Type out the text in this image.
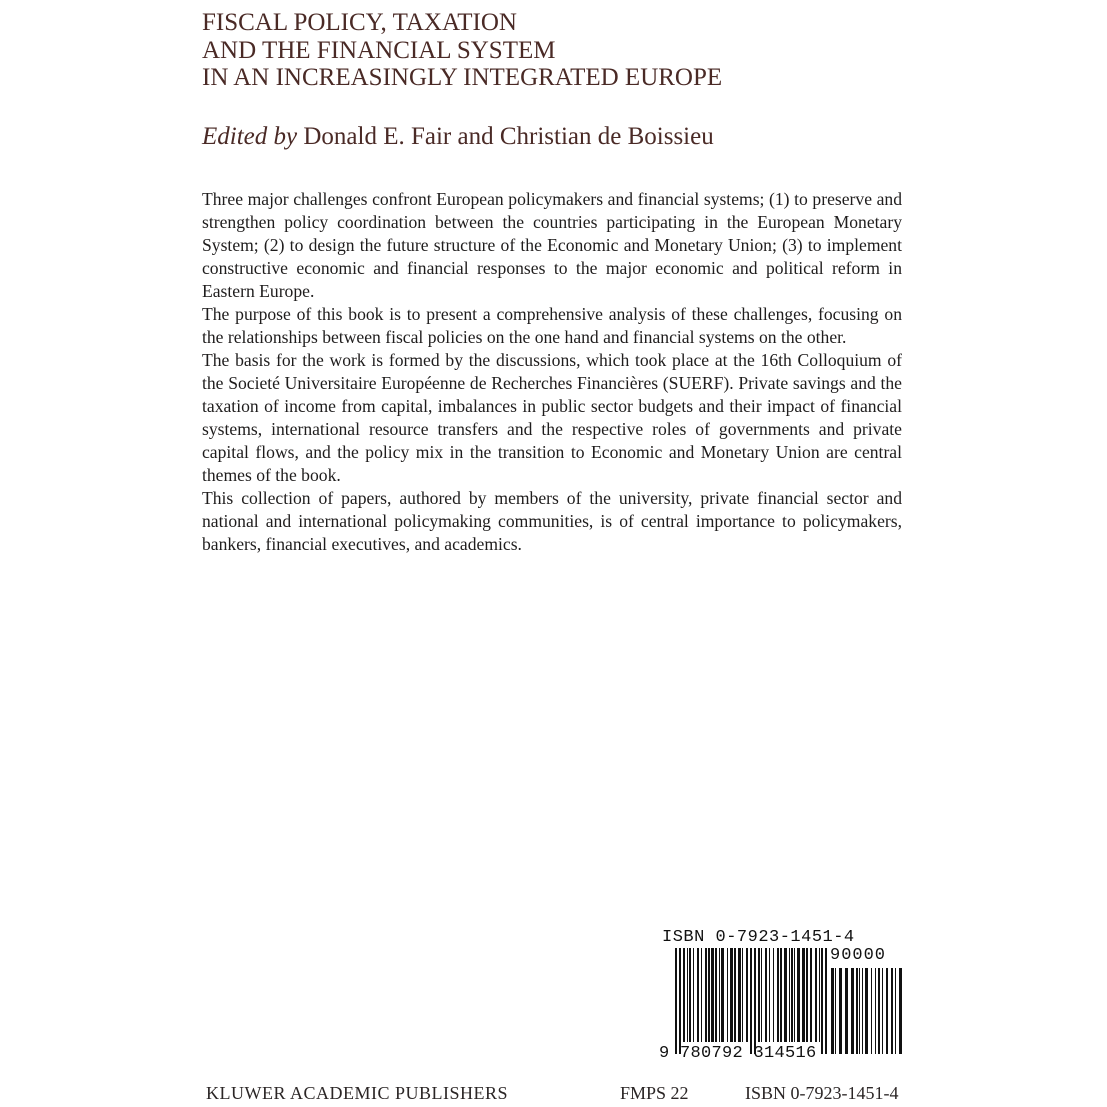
FISCAL POLICY, TAXATION
AND THE FINANCIAL SYSTEM
IN AN INCREASINGLY INTEGRATED EUROPE
Edited by Donald E. Fair and Christian de Boissieu

Three major challenges confront European policymakers and financial systems; (1) to preserve and strengthen policy coordination between the countries participating in the European Monetary System; (2) to design the future structure of the Economic and Monetary Union; (3) to implement constructive economic and financial responses to the major economic and political reform in Eastern Europe.

The purpose of this book is to present a comprehensive analysis of these challenges, focusing on the relationships between fiscal policies on the one hand and financial systems on the other.

The basis for the work is formed by the discussions, which took place at the 16th Colloquium of the Societé Universitaire Européenne de Recherches Financières (SUERF). Private savings and the taxation of income from capital, imbalances in public sector budgets and their impact of financial systems, international resource transfers and the respective roles of governments and private capital flows, and the policy mix in the transition to Economic and Monetary Union are central themes of the book.

This collection of papers, authored by members of the university, private financial sector and national and international policymaking communities, is of central importance to policymakers, bankers, financial executives, and academics.

ISBN 0-7923-1451-4
90000
9 780792 314516
KLUWER ACADEMIC PUBLISHERS	FMPS 22	ISBN 0-7923-1451-4
